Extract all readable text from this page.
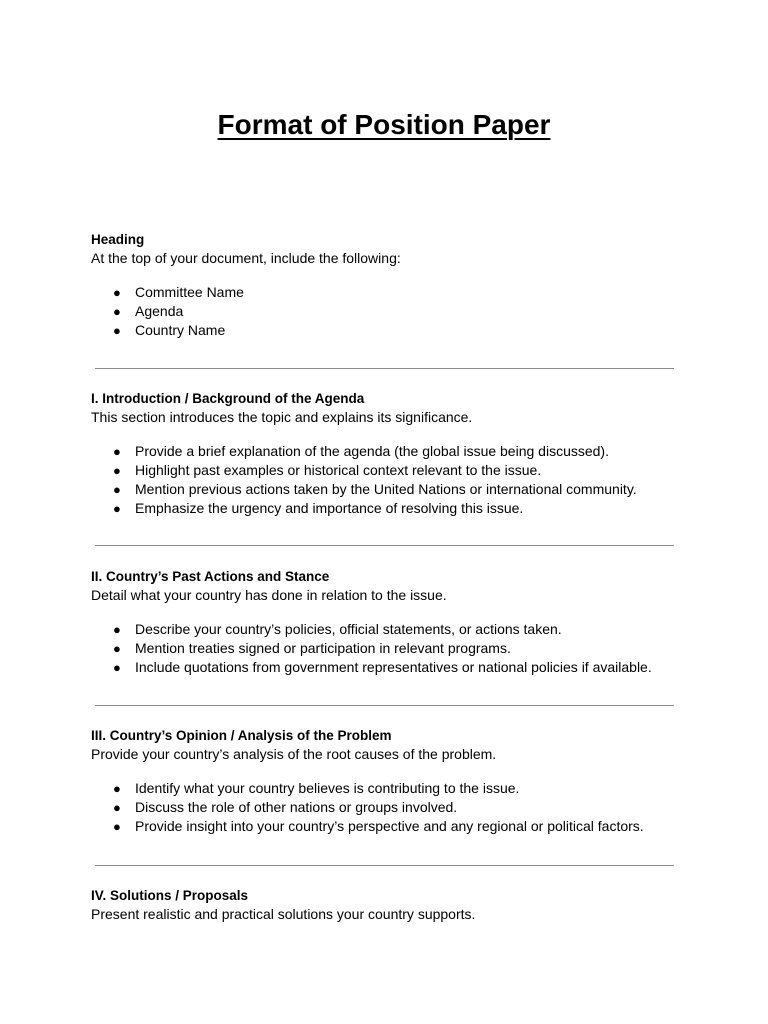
Format of Position Paper

Heading

At the top of your document, include the following:

● Committee Name
● Agenda
● Country Name

I. Introduction / Background of the Agenda

This section introduces the topic and explains its significance.

● Provide a brief explanation of the agenda (the global issue being discussed).
● Highlight past examples or historical context relevant to the issue.
● Mention previous actions taken by the United Nations or international community.
● Emphasize the urgency and importance of resolving this issue.

II. Country’s Past Actions and Stance

Detail what your country has done in relation to the issue.

● Describe your country’s policies, official statements, or actions taken.
● Mention treaties signed or participation in relevant programs.
● Include quotations from government representatives or national policies if available.

III. Country’s Opinion / Analysis of the Problem

Provide your country’s analysis of the root causes of the problem.

● Identify what your country believes is contributing to the issue.
● Discuss the role of other nations or groups involved.
● Provide insight into your country’s perspective and any regional or political factors.

IV. Solutions / Proposals

Present realistic and practical solutions your country supports.
